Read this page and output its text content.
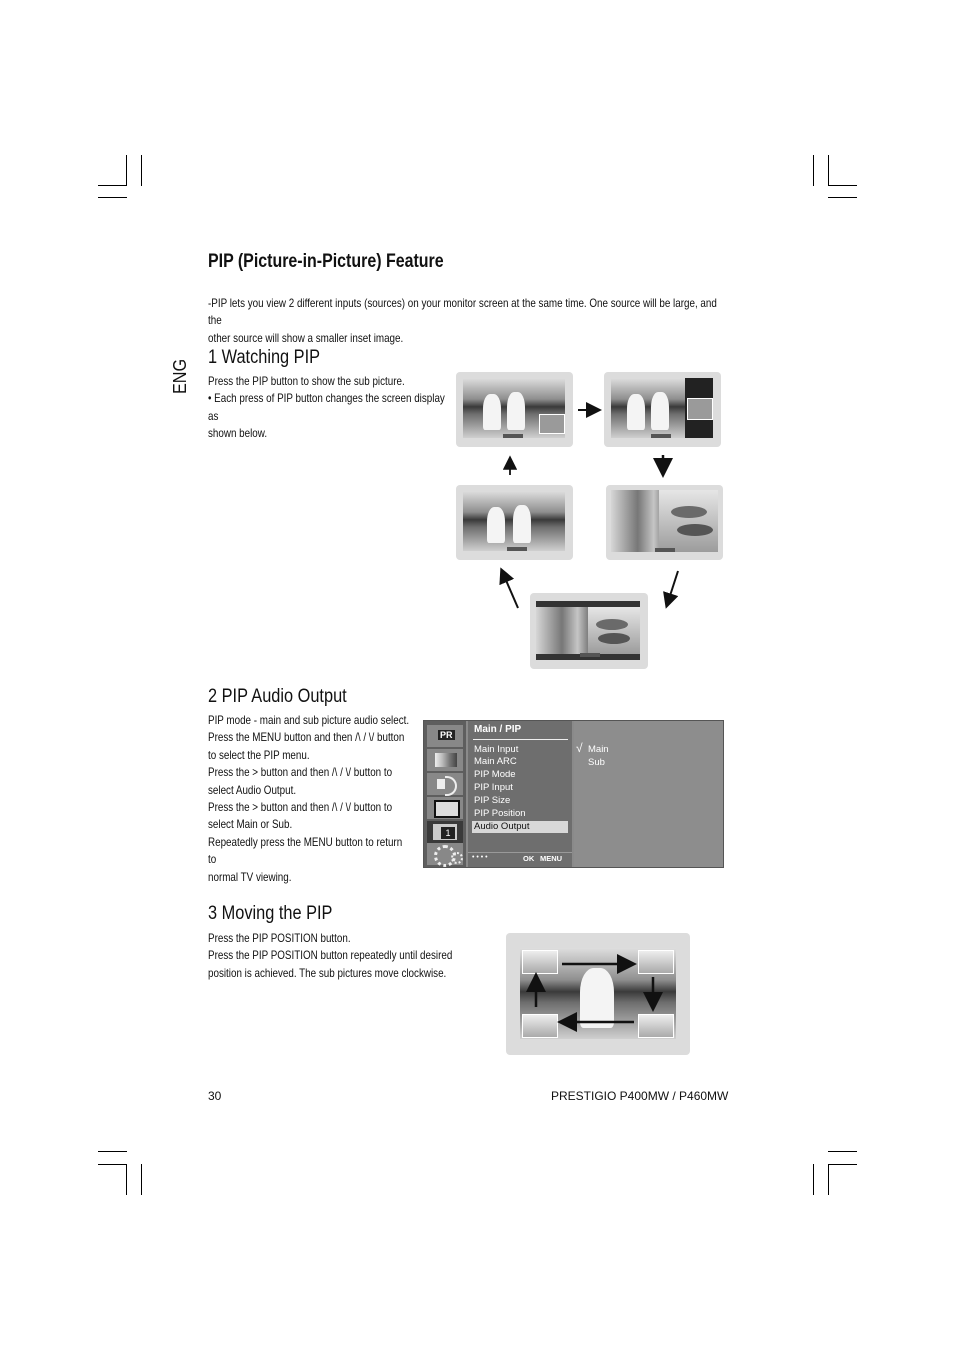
ENG
PIP (Picture-in-Picture) Feature
-PIP lets you view 2 different inputs (sources) on your monitor screen at the same time. One source will be large, and the
other source will show a smaller inset image.
1 Watching PIP
Press the PIP button to show the sub picture.
• Each press of PIP button changes the screen display as
shown below.
2 PIP Audio Output
PIP mode - main and sub picture audio select.
Press the MENU button and then /\ / \/ button
to select the PIP menu.
Press the > button and then /\ / \/ button to
select Audio Output.
Press the > button and then /\ / \/ button to
select Main or Sub.
Repeatedly press the MENU button to return to
normal TV viewing.
PR
1
Main / PIP
Main Input
Main ARC
PIP Mode
PIP Input
PIP Size
PIP Position
Audio Output
• • • •	OK MENU
√ Main
Sub
3 Moving the PIP
Press the PIP POSITION button.
Press the PIP POSITION button repeatedly until desired
position is achieved. The sub pictures move clockwise.
30	PRESTIGIO P400MW / P460MW
